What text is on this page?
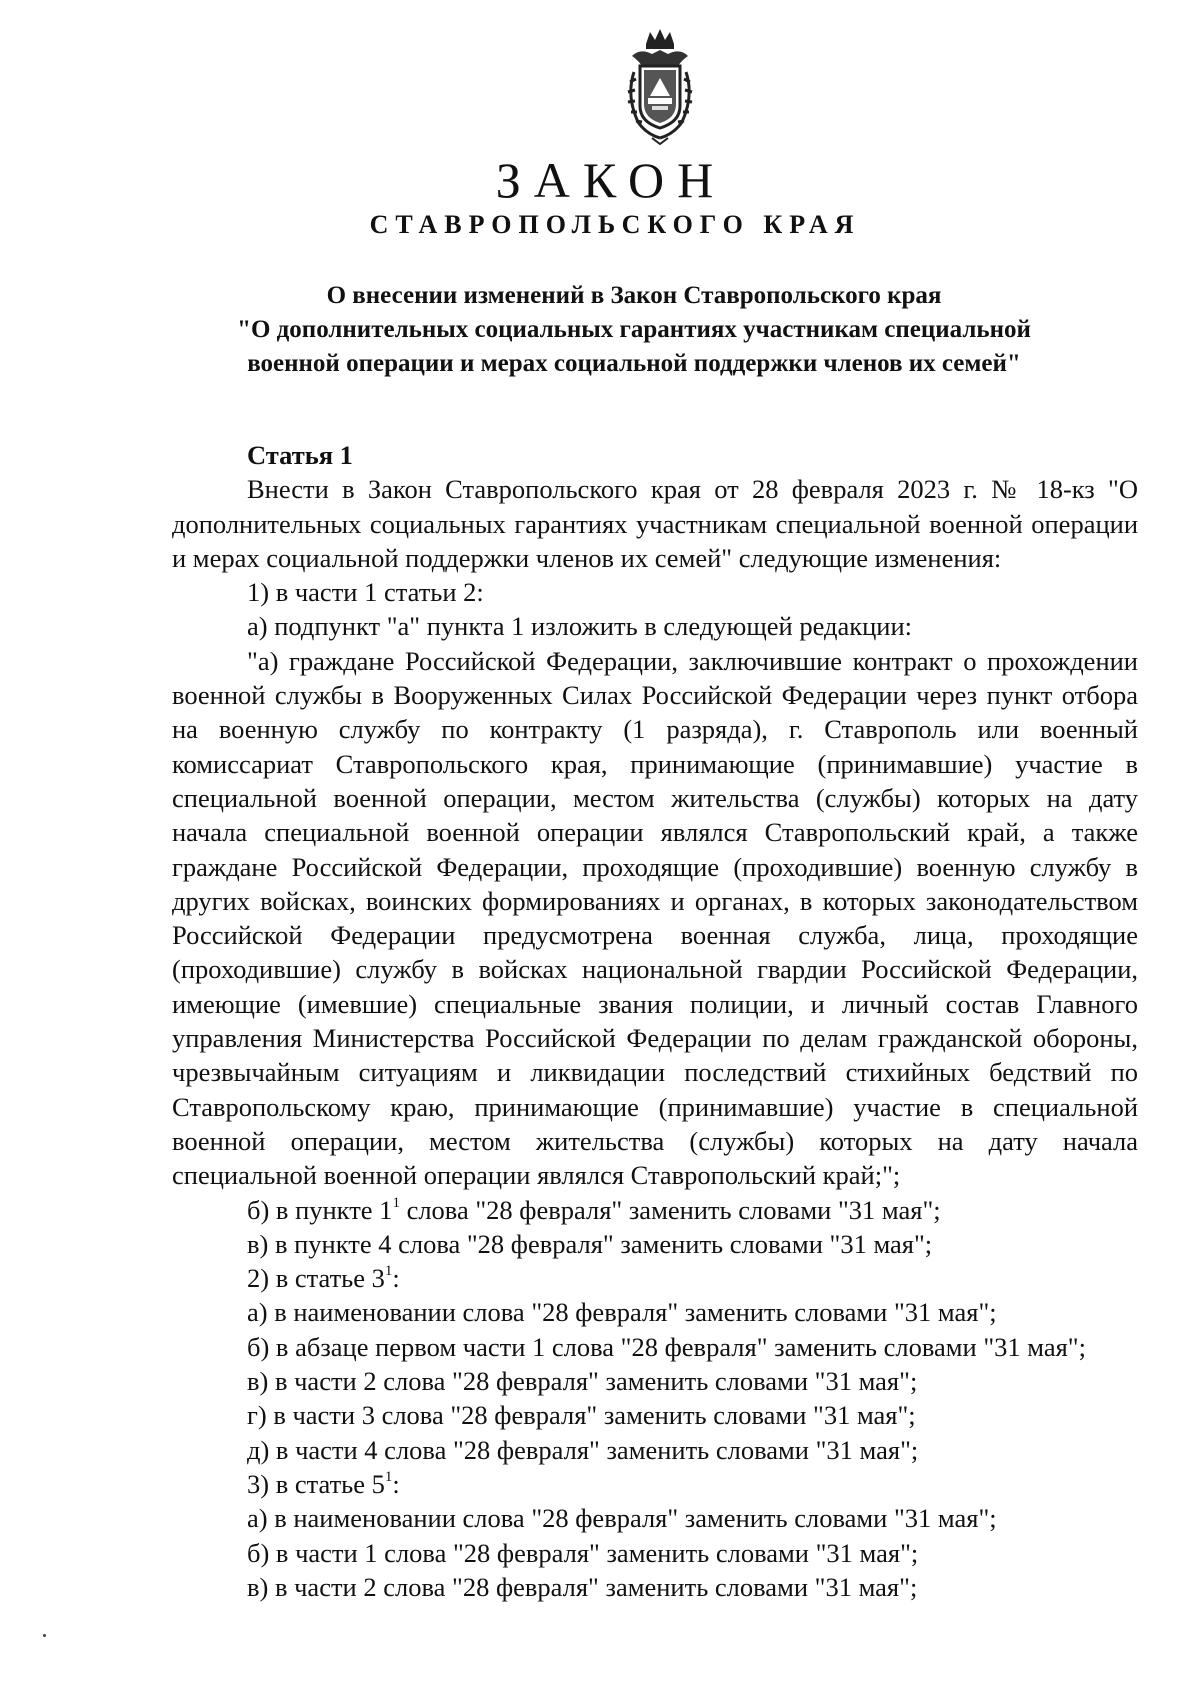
ЗАКОН
СТАВРОПОЛЬСКОГО КРАЯ
О внесении изменений в Закон Ставропольского края
"О дополнительных социальных гарантиях участникам специальной
военной операции и мерах социальной поддержки членов их семей"

Статья 1

Внести в Закон Ставропольского края от 28 февраля 2023 г. № 18-кз "О дополнительных социальных гарантиях участникам специальной военной операции и мерах социальной поддержки членов их семей" следующие изменения:

1) в части 1 статьи 2:

а) подпункт "а" пункта 1 изложить в следующей редакции:

"а) граждане Российской Федерации, заключившие контракт о прохождении военной службы в Вооруженных Силах Российской Федерации через пункт отбора на военную службу по контракту (1 разряда), г. Ставрополь или военный комиссариат Ставропольского края, принимающие (принимавшие) участие в специальной военной операции, местом жительства (службы) которых на дату начала специальной военной операции являлся Ставропольский край, а также граждане Российской Федерации, проходящие (проходившие) военную службу в других войсках, воинских формированиях и органах, в которых законодательством Российской Федерации предусмотрена военная служба, лица, проходящие (проходившие) службу в войсках национальной гвардии Российской Федерации, имеющие (имевшие) специальные звания полиции, и личный состав Главного управления Министерства Российской Федерации по делам гражданской обороны, чрезвычайным ситуациям и ликвидации последствий стихийных бедствий по Ставропольскому краю, принимающие (принимавшие) участие в специальной военной операции, местом жительства (службы) которых на дату начала специальной военной операции являлся Ставропольский край;";

б) в пункте $1^1$ слова "28 февраля" заменить словами "31 мая";

в) в пункте 4 слова "28 февраля" заменить словами "31 мая";

2) в статье $3^1$:

а) в наименовании слова "28 февраля" заменить словами "31 мая";

б) в абзаце первом части 1 слова "28 февраля" заменить словами "31 мая";

в) в части 2 слова "28 февраля" заменить словами "31 мая";

г) в части 3 слова "28 февраля" заменить словами "31 мая";

д) в части 4 слова "28 февраля" заменить словами "31 мая";

3) в статье $5^1$:

а) в наименовании слова "28 февраля" заменить словами "31 мая";

б) в части 1 слова "28 февраля" заменить словами "31 мая";

в) в части 2 слова "28 февраля" заменить словами "31 мая";
